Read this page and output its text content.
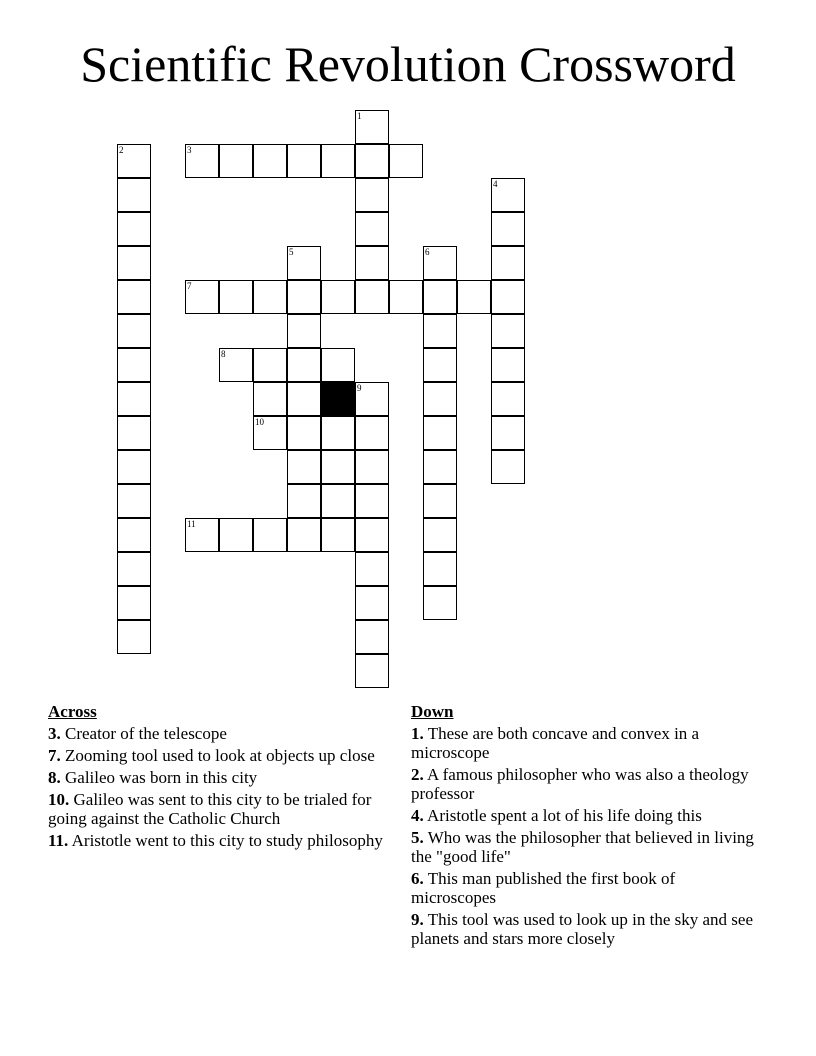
Scientific Revolution Crossword
1
2	3
4
5	6
7
8
9
10
11
Across
3. Creator of the telescope
7. Zooming tool used to look at objects up close
8. Galileo was born in this city
10. Galileo was sent to this city to be trialed for going against the Catholic Church
11. Aristotle went to this city to study philosophy
Down
1. These are both concave and convex in a microscope
2. A famous philosopher who was also a theology professor
4. Aristotle spent a lot of his life doing this
5. Who was the philosopher that believed in living the "good life"
6. This man published the first book of microscopes
9. This tool was used to look up in the sky and see planets and stars more closely
